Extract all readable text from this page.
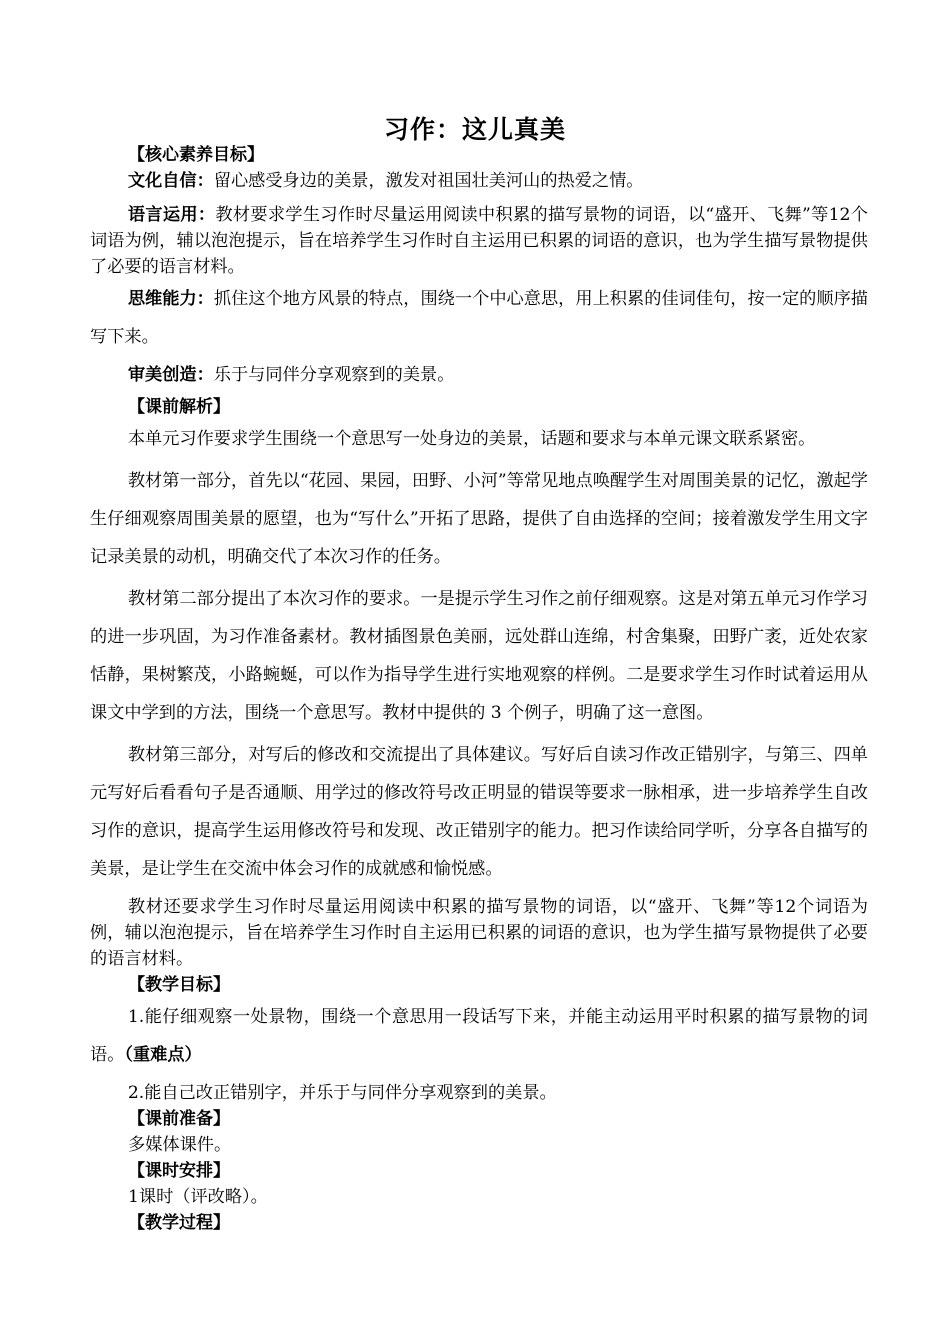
习作：这儿真美
【核心素养目标】

文化自信：留心感受身边的美景，激发对祖国壮美河山的热爱之情。

语言运用：教材要求学生习作时尽量运用阅读中积累的描写景物的词语，以“盛开、飞舞”等12个词语为例，辅以泡泡提示，旨在培养学生习作时自主运用已积累的词语的意识，也为学生描写景物提供了必要的语言材料。

思维能力：抓住这个地方风景的特点，围绕一个中心意思，用上积累的佳词佳句，按一定的顺序描写下来。

审美创造：乐于与同伴分享观察到的美景。

【课前解析】

本单元习作要求学生围绕一个意思写一处身边的美景，话题和要求与本单元课文联系紧密。

教材第一部分，首先以“花园、果园，田野、小河”等常见地点唤醒学生对周围美景的记忆，激起学生仔细观察周围美景的愿望，也为“写什么”开拓了思路，提供了自由选择的空间；接着激发学生用文字记录美景的动机，明确交代了本次习作的任务。

教材第二部分提出了本次习作的要求。一是提示学生习作之前仔细观察。这是对第五单元习作学习的进一步巩固，为习作准备素材。教材插图景色美丽，远处群山连绵，村舍集聚，田野广袤，近处农家恬静，果树繁茂，小路蜿蜒，可以作为指导学生进行实地观察的样例。二是要求学生习作时试着运用从课文中学到的方法，围绕一个意思写。教材中提供的 3 个例子，明确了这一意图。

教材第三部分，对写后的修改和交流提出了具体建议。写好后自读习作改正错别字，与第三、四单元写好后看看句子是否通顺、用学过的修改符号改正明显的错误等要求一脉相承，进一步培养学生自改习作的意识，提高学生运用修改符号和发现、改正错别字的能力。把习作读给同学听，分享各自描写的美景，是让学生在交流中体会习作的成就感和愉悦感。

教材还要求学生习作时尽量运用阅读中积累的描写景物的词语，以“盛开、飞舞”等12个词语为例，辅以泡泡提示，旨在培养学生习作时自主运用已积累的词语的意识，也为学生描写景物提供了必要的语言材料。

【教学目标】

1.能仔细观察一处景物，围绕一个意思用一段话写下来，并能主动运用平时积累的描写景物的词语。（重难点）

2.能自己改正错别字，并乐于与同伴分享观察到的美景。

【课前准备】

多媒体课件。

【课时安排】

1课时（评改略）。

【教学过程】
